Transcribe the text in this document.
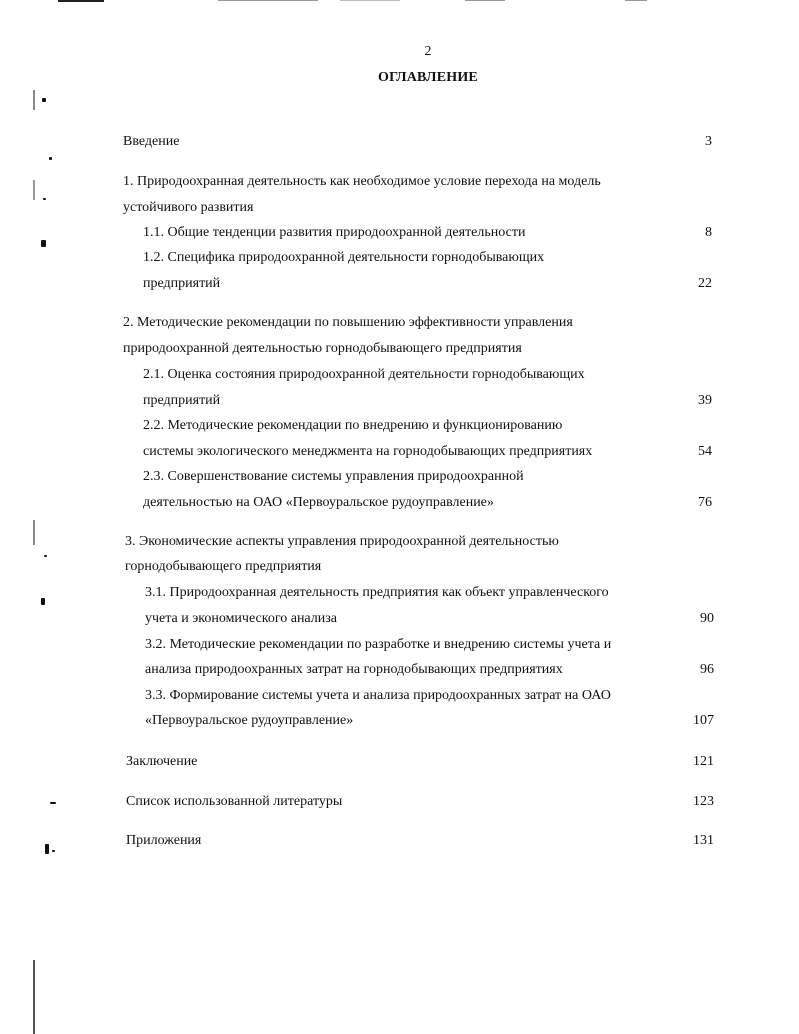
2
ОГЛАВЛЕНИЕ
Введение	3
1. Природоохранная деятельность как необходимое условие перехода на модель
устойчивого развития
1.1. Общие тенденции развития природоохранной деятельности	8
1.2. Специфика природоохранной деятельности горнодобывающих
предприятий	22
2. Методические рекомендации по повышению эффективности управления
природоохранной деятельностью горнодобывающего предприятия
2.1. Оценка состояния природоохранной деятельности горнодобывающих
предприятий	39
2.2. Методические рекомендации по внедрению и функционированию
системы экологического менеджмента на горнодобывающих предприятиях	54
2.3. Совершенствование системы управления природоохранной
деятельностью на ОАО «Первоуральское рудоуправление»	76
3. Экономические аспекты управления природоохранной деятельностью
горнодобывающего предприятия
3.1. Природоохранная деятельность предприятия как объект управленческого
учета и экономического анализа	90
3.2. Методические рекомендации по разработке и внедрению системы учета и
анализа природоохранных затрат на горнодобывающих предприятиях	96
3.3. Формирование системы учета и анализа природоохранных затрат на ОАО
«Первоуральское рудоуправление»	107
Заключение	121
Список использованной литературы	123
Приложения	131
